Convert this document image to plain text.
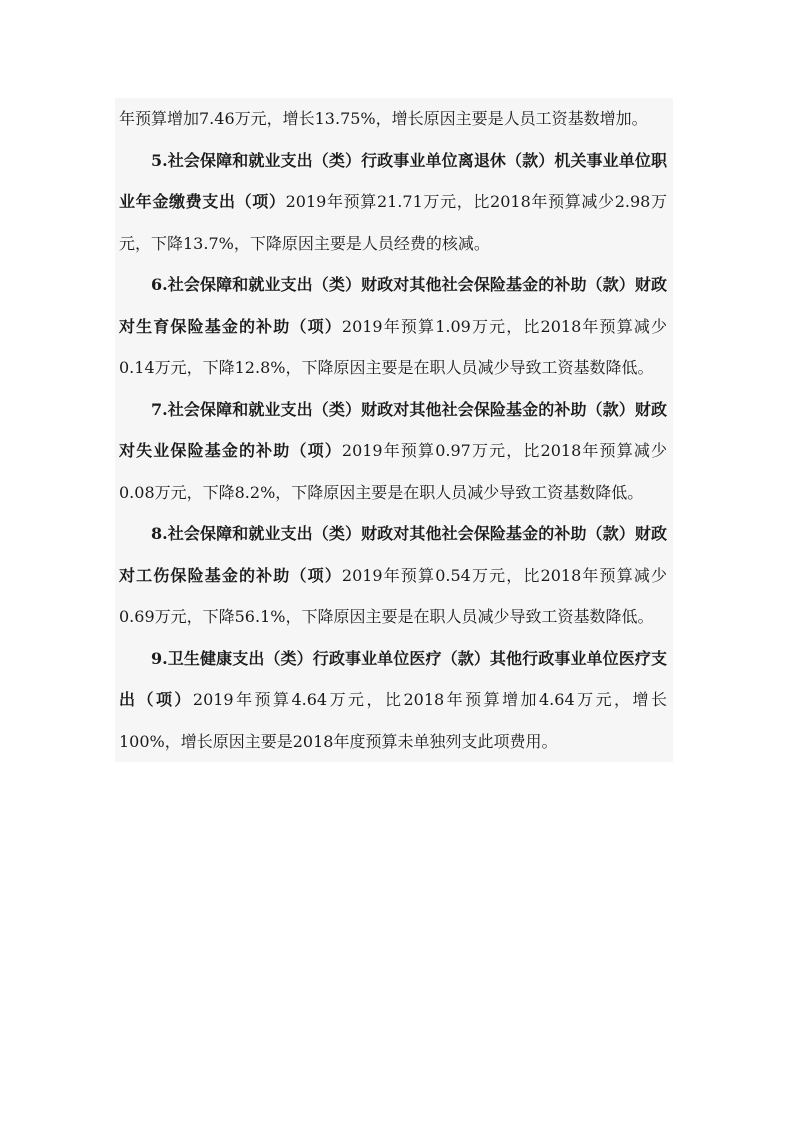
年预算增加7.46万元，增长13.75%，增长原因主要是人员工资基数增加。

5.社会保障和就业支出（类）行政事业单位离退休（款）机关事业单位职业年金缴费支出（项）2019年预算21.71万元，比2018年预算减少2.98万元，下降13.7%，下降原因主要是人员经费的核减。

6.社会保障和就业支出（类）财政对其他社会保险基金的补助（款）财政对生育保险基金的补助（项）2019年预算1.09万元，比2018年预算减少0.14万元，下降12.8%，下降原因主要是在职人员减少导致工资基数降低。

7.社会保障和就业支出（类）财政对其他社会保险基金的补助（款）财政对失业保险基金的补助（项）2019年预算0.97万元，比2018年预算减少0.08万元，下降8.2%，下降原因主要是在职人员减少导致工资基数降低。

8.社会保障和就业支出（类）财政对其他社会保险基金的补助（款）财政对工伤保险基金的补助（项）2019年预算0.54万元，比2018年预算减少0.69万元，下降56.1%，下降原因主要是在职人员减少导致工资基数降低。

9.卫生健康支出（类）行政事业单位医疗（款）其他行政事业单位医疗支出（项）2019年预算4.64万元，比2018年预算增加4.64万元，增长100%，增长原因主要是2018年度预算未单独列支此项费用。
